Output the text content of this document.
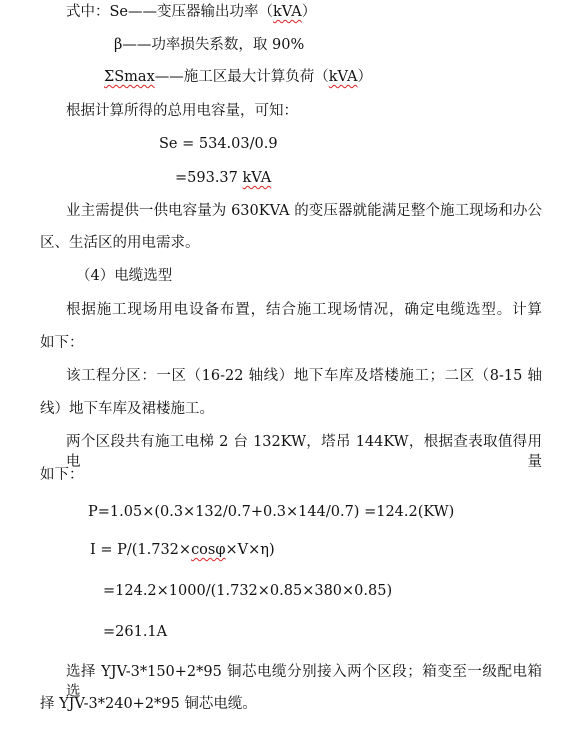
式中：Se——变压器输出功率（kVA）
β——功率损失系数，取 90%
ΣSmax——施工区最大计算负荷（kVA）
根据计算所得的总用电容量，可知：
Se = 534.03/0.9
=593.37 kVA
业主需提供一供电容量为 630KVA 的变压器就能满足整个施工现场和办公
区、生活区的用电需求。
（4）电缆选型
根据施工现场用电设备布置，结合施工现场情况，确定电缆选型。计算
如下：
该工程分区：一区（16-22 轴线）地下车库及塔楼施工；二区（8-15 轴
线）地下车库及裙楼施工。
两个区段共有施工电梯 2 台 132KW，塔吊 144KW，根据查表取值得用电量
如下：
P=1.05×(0.3×132/0.7+0.3×144/0.7) =124.2(KW)
I = P/(1.732×cosφ×V×η)
=124.2×1000/(1.732×0.85×380×0.85)
=261.1A
选择 YJV-3*150+2*95 铜芯电缆分别接入两个区段；箱变至一级配电箱选
择 YJV-3*240+2*95 铜芯电缆。
